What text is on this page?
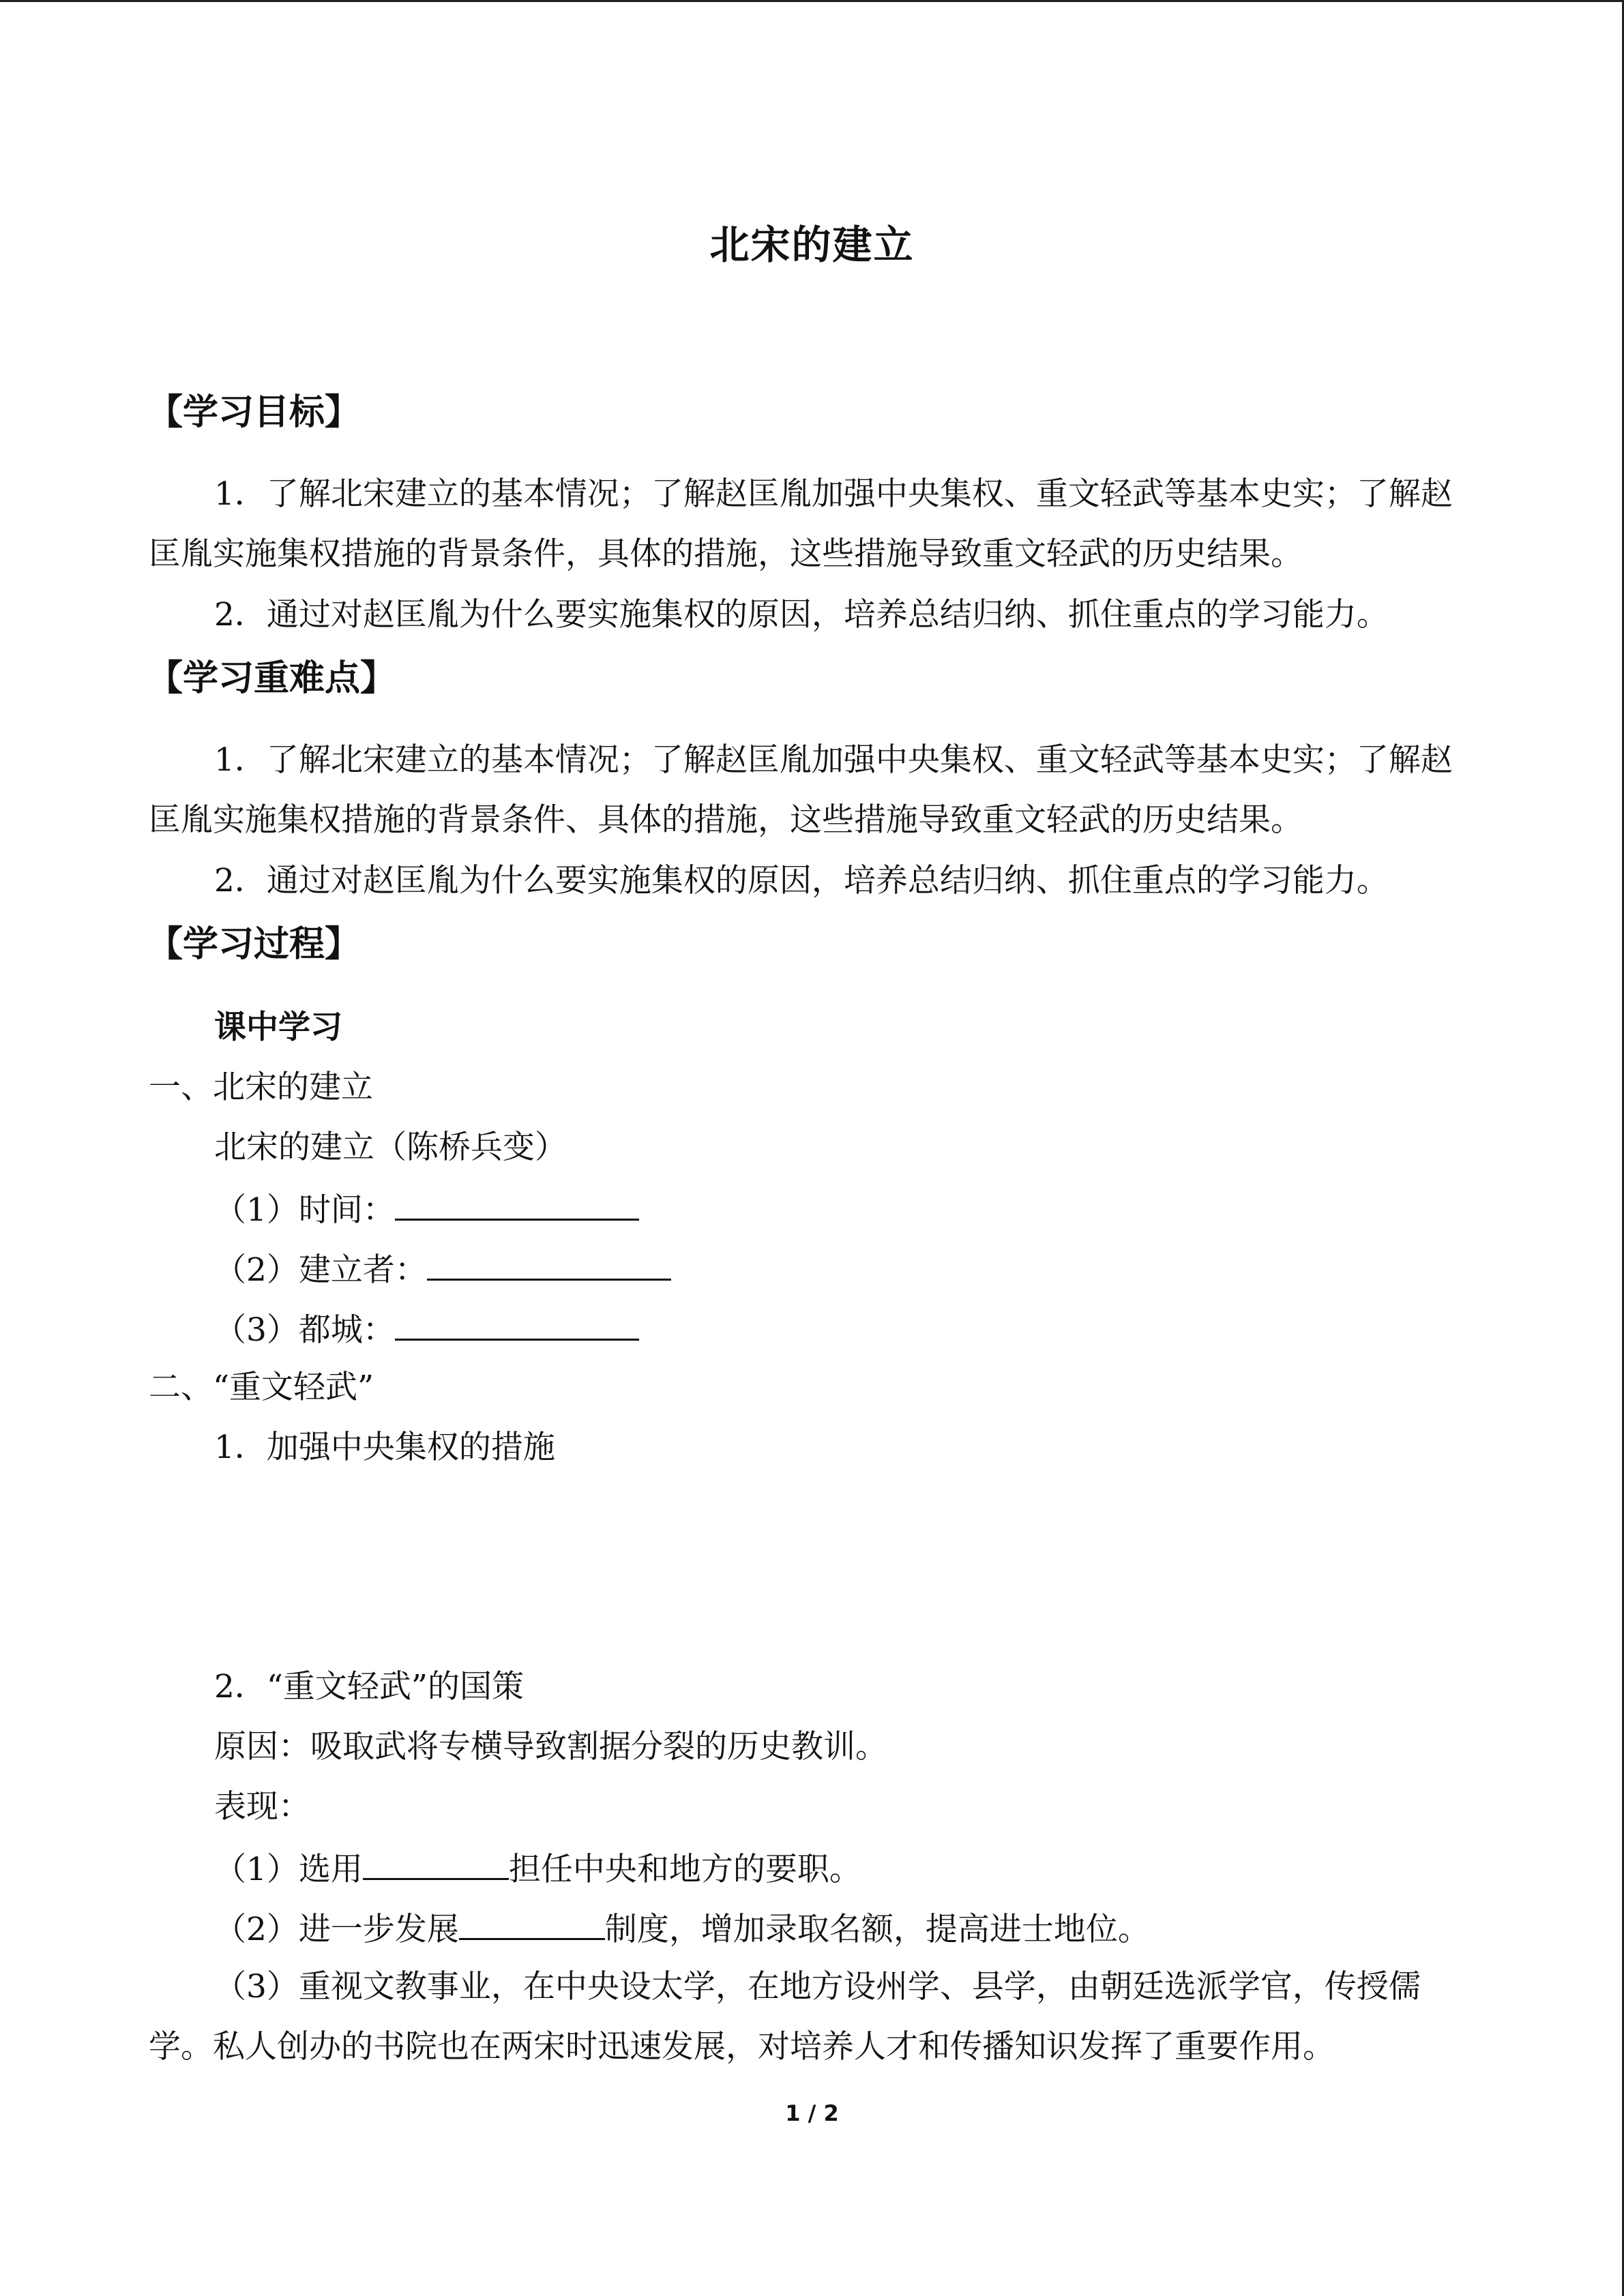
北宋的建立
【学习目标】
1．了解北宋建立的基本情况；了解赵匡胤加强中央集权、重文轻武等基本史实；了解赵
匡胤实施集权措施的背景条件，具体的措施，这些措施导致重文轻武的历史结果。
2．通过对赵匡胤为什么要实施集权的原因，培养总结归纳、抓住重点的学习能力。
【学习重难点】
1．了解北宋建立的基本情况；了解赵匡胤加强中央集权、重文轻武等基本史实；了解赵
匡胤实施集权措施的背景条件、具体的措施，这些措施导致重文轻武的历史结果。
2．通过对赵匡胤为什么要实施集权的原因，培养总结归纳、抓住重点的学习能力。
【学习过程】
课中学习
一、北宋的建立
北宋的建立（陈桥兵变）
（1）时间：
（2）建立者：
（3）都城：
二、“重文轻武”
1．加强中央集权的措施
2．“重文轻武”的国策
原因：吸取武将专横导致割据分裂的历史教训。
表现：
（1）选用	担任中央和地方的要职。
（2）进一步发展	制度，增加录取名额，提高进士地位。
（3）重视文教事业，在中央设太学，在地方设州学、县学，由朝廷选派学官，传授儒
学。私人创办的书院也在两宋时迅速发展，对培养人才和传播知识发挥了重要作用。
1 / 2
